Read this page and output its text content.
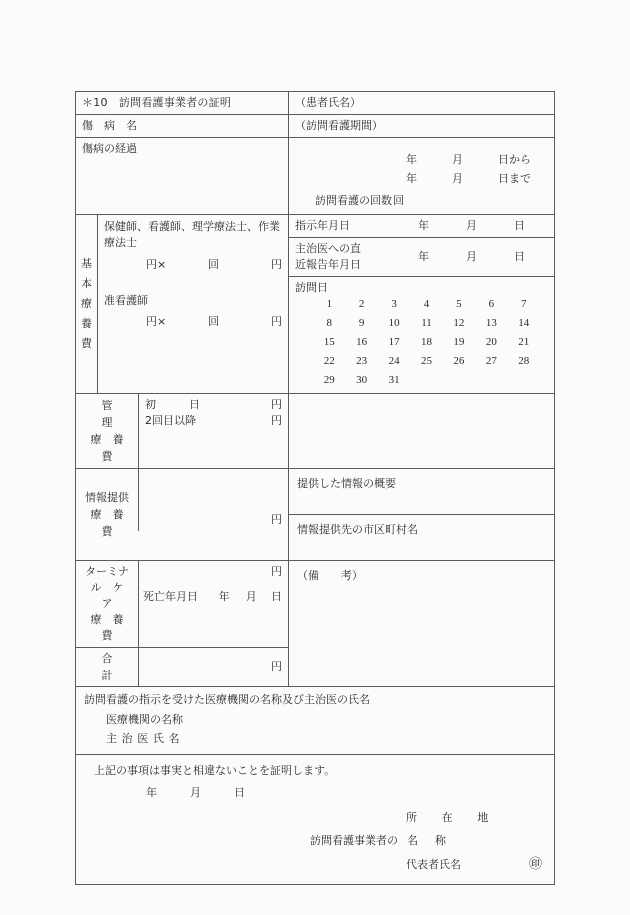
＊10　訪問看護事業者の証明	（患者氏名）
傷　病　名	（訪問看護期間）
傷病の経過
年	月	日から
年	月	日まで
訪問看護の回数回
基
本
療
養
費
保健師、看護師、理学療法士、作業療法士
円×	回	円
准看護師
円×	回	円
指示年月日	年	月	日
主治医への直
近報告年月日
年	月	日
訪問日
1	2	3	4	5	6	7
8	9	10	11	12	13	14
15	16	17	18	19	20	21
22	23	24	25	26	27	28
29	30	31
管　　　理
療　養　費
初　　　日	円
2回目以降	円
情報提供
療　養　費
円
提供した情報の概要
情報提供先の市区町村名
ターミナ
ル　ケ　ア
療　養　費
円
死亡年月日	年	月	日
合　　　計
円
（備　　考）
訪問看護の指示を受けた医療機関の名称及び主治医の氏名
医療機関の名称
主治医氏名
上記の事項は事実と相違ないことを証明します。
年	月	日
所　在　地
訪問看護事業者の 名称
代表者氏名	㊞
